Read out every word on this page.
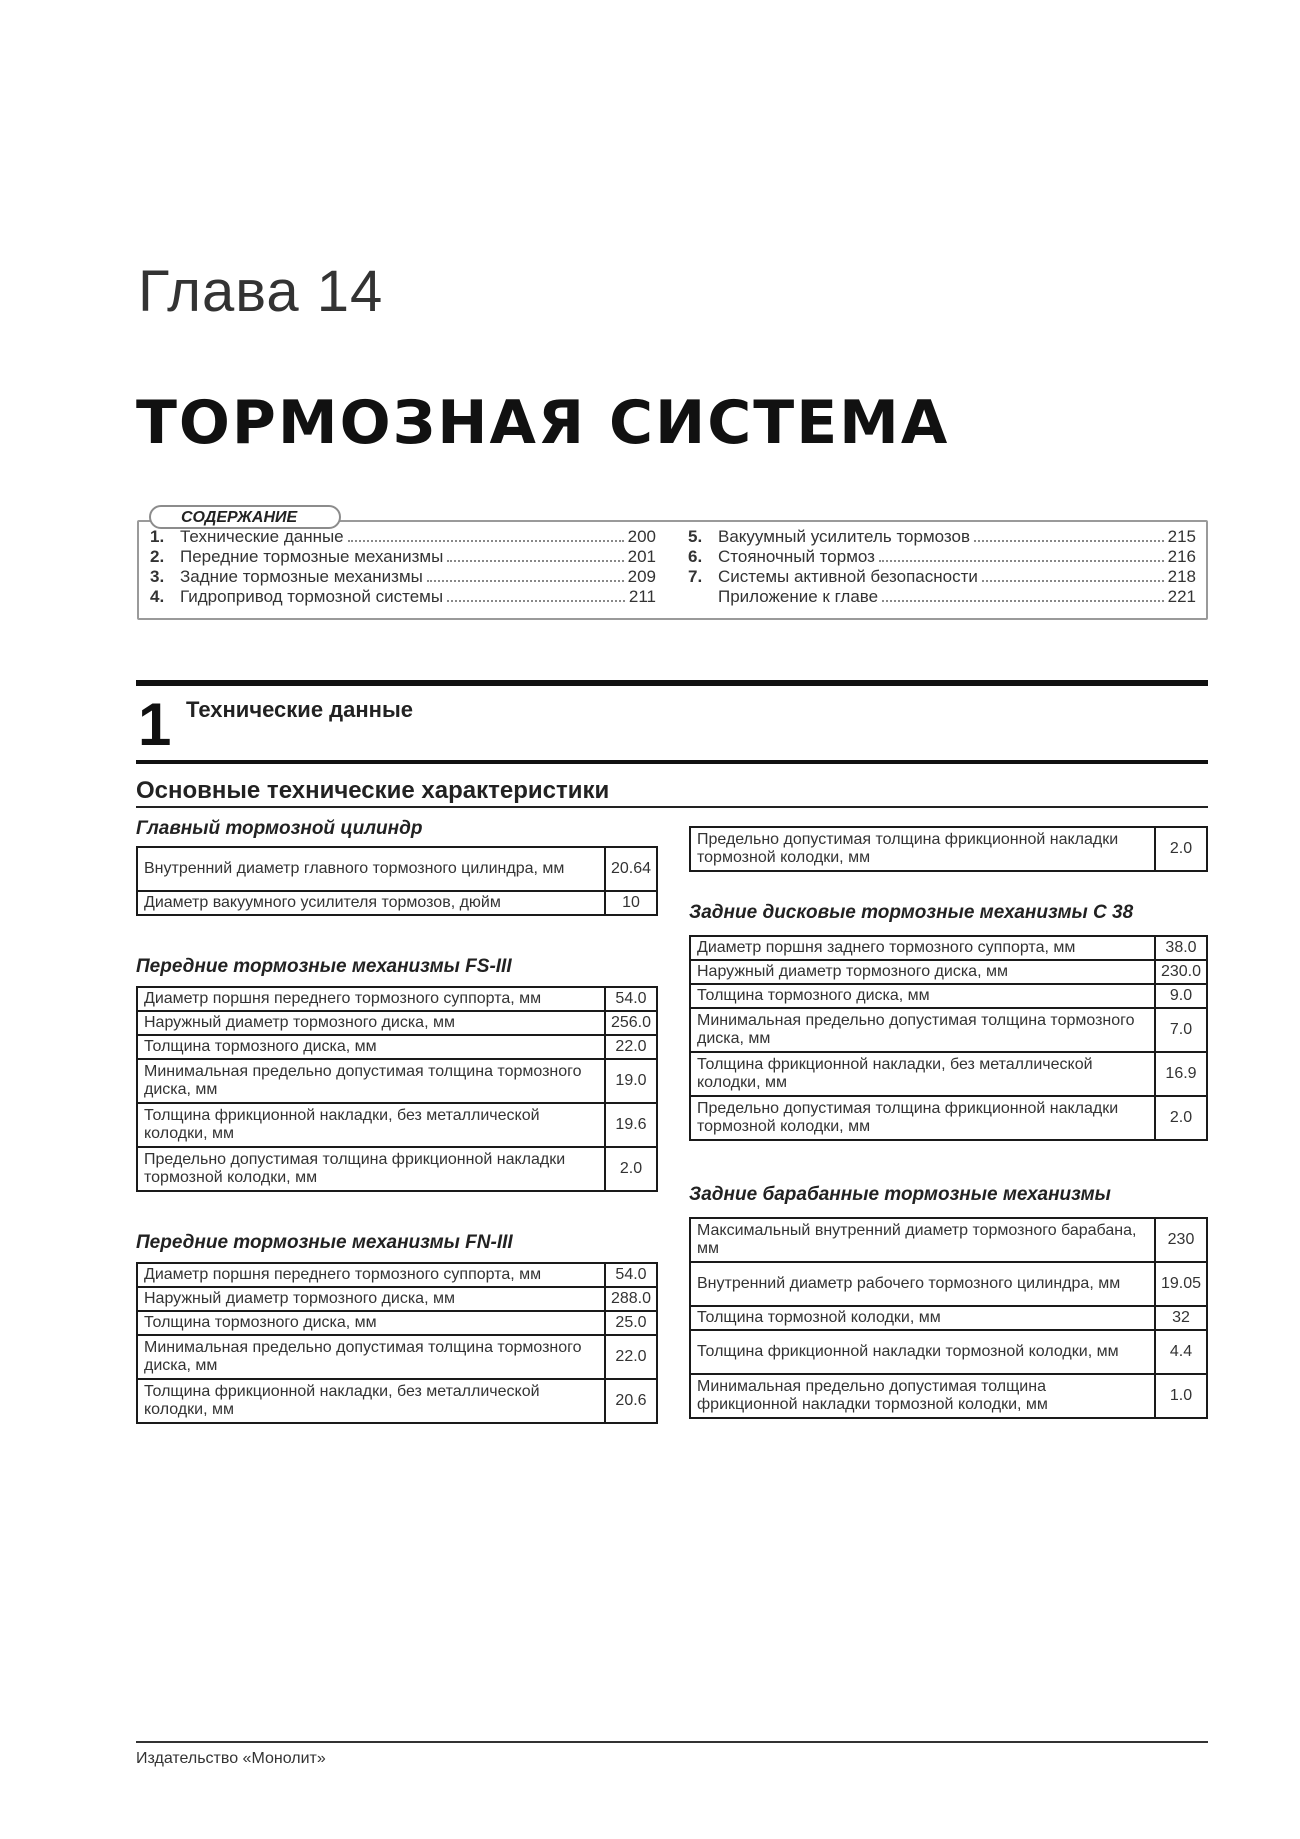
Глава 14
ТОРМОЗНАЯ СИСТЕМА
СОДЕРЖАНИЕ
1. Технические данные	200
2. Передние тормозные механизмы	201
3. Задние тормозные механизмы	209
4. Гидропривод тормозной системы	211
5. Вакуумный усилитель тормозов	215
6. Стояночный тормоз	216
7. Системы активной безопасности	218
Приложение к главе	221
1 Технические данные
Основные технические характеристики
Главный тормозной цилиндр
Внутренний диаметр главного тормозного цилиндра, мм	20.64
Диаметр вакуумного усилителя тормозов, дюйм	10
Передние тормозные механизмы FS-III
Диаметр поршня переднего тормозного суппорта, мм	54.0
Наружный диаметр тормозного диска, мм	256.0
Толщина тормозного диска, мм	22.0
Минимальная предельно допустимая толщина тормозного диска, мм	19.0
Толщина фрикционной накладки, без металлической колодки, мм	19.6
Предельно допустимая толщина фрикционной накладки тормозной колодки, мм	2.0
Передние тормозные механизмы FN-III
Диаметр поршня переднего тормозного суппорта, мм	54.0
Наружный диаметр тормозного диска, мм	288.0
Толщина тормозного диска, мм	25.0
Минимальная предельно допустимая толщина тормозного диска, мм	22.0
Толщина фрикционной накладки, без металлической колодки, мм	20.6
Предельно допустимая толщина фрикционной накладки тормозной колодки, мм	2.0
Задние дисковые тормозные механизмы С 38
Диаметр поршня заднего тормозного суппорта, мм	38.0
Наружный диаметр тормозного диска, мм	230.0
Толщина тормозного диска, мм	9.0
Минимальная предельно допустимая толщина тормозного диска, мм	7.0
Толщина фрикционной накладки, без металлической колодки, мм	16.9
Предельно допустимая толщина фрикционной накладки тормозной колодки, мм	2.0
Задние барабанные тормозные механизмы
Максимальный внутренний диаметр тормозного барабана, мм	230
Внутренний диаметр рабочего тормозного цилиндра, мм	19.05
Толщина тормозной колодки, мм	32
Толщина фрикционной накладки тормозной колодки, мм	4.4
Минимальная предельно допустимая толщина фрикционной накладки тормозной колодки, мм	1.0
Издательство «Монолит»
